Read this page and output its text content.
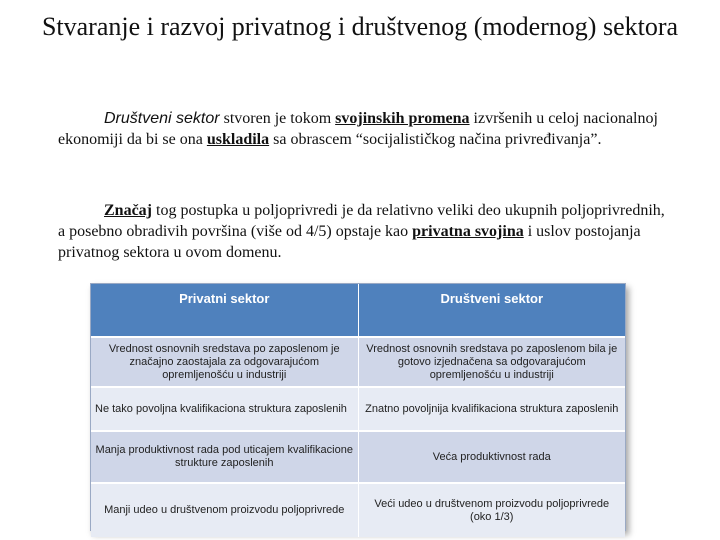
Stvaranje i razvoj privatnog i društvenog (modernog) sektora

Društveni sektor stvoren je tokom svojinskih promena izvršenih u celoj nacionalnoj ekonomiji da bi se ona uskladila sa obrascem “socijalističkog načina privređivanja”.

Značaj tog postupka u poljoprivredi je da relativno veliki deo ukupnih poljoprivrednih, a posebno obradivih površina (više od 4/5) opstaje kao privatna svojina i uslov postojanja privatnog sektora u ovom domenu.

Privatni sektor	Društveni sektor
Vrednost osnovnih sredstava po zaposlenom je značajno zaostajala za odgovarajućom opremljenošću u industriji	Vrednost osnovnih sredstava po zaposlenom bila je gotovo izjednačena sa odgovarajućom opremljenošću u industriji
Ne tako povoljna kvalifikaciona struktura zaposlenih	Znatno povoljnija kvalifikaciona struktura zaposlenih
Manja produktivnost rada pod uticajem kvalifikacione strukture zaposlenih	Veća produktivnost rada
Manji udeo u društvenom proizvodu poljoprivrede	Veći udeo u društvenom proizvodu poljoprivrede (oko 1/3)
